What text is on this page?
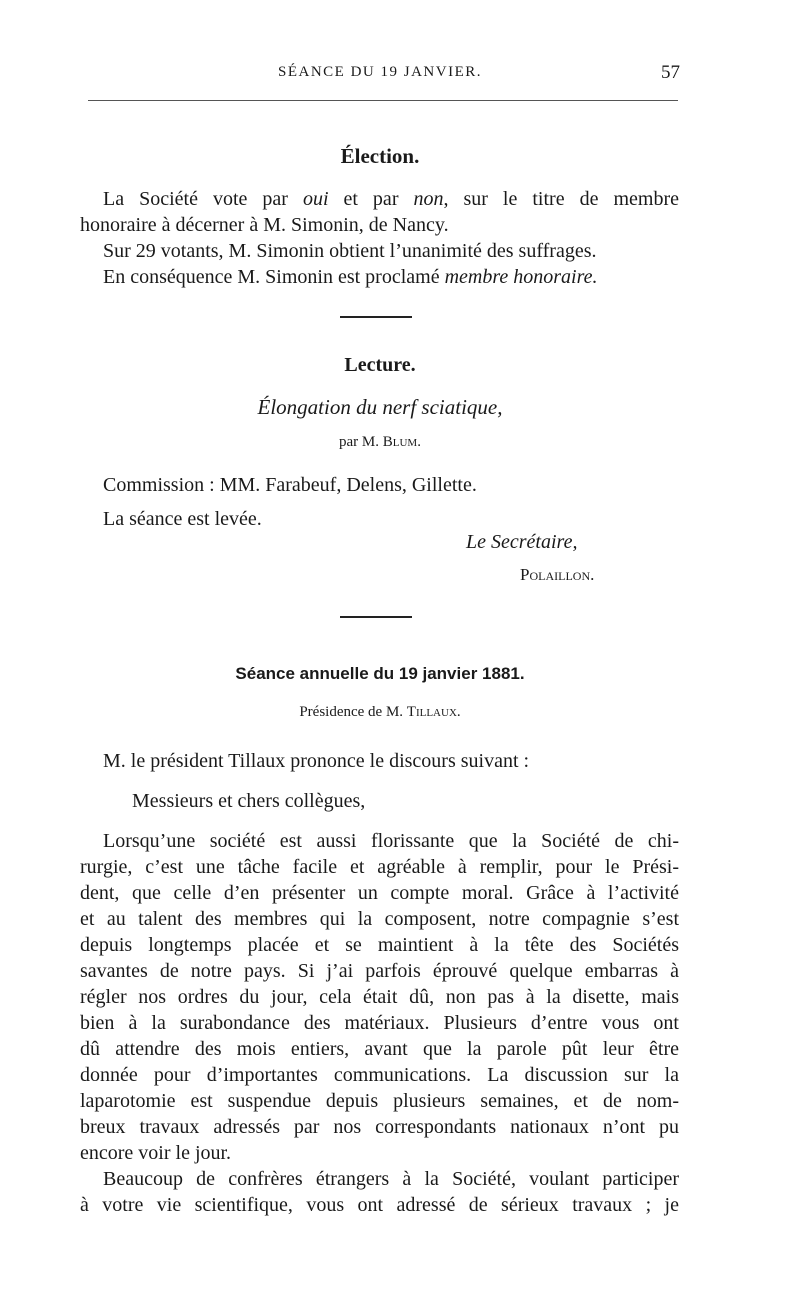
SÉANCE DU 19 JANVIER.	57
Élection.
La Société vote par oui et par non, sur le titre de membre
honoraire à décerner à M. Simonin, de Nancy.
Sur 29 votants, M. Simonin obtient l’unanimité des suffrages.
En conséquence M. Simonin est proclamé membre honoraire.
Lecture.
Élongation du nerf sciatique,
par M. Blum.
Commission : MM. Farabeuf, Delens, Gillette.
La séance est levée.
Le Secrétaire,
Polaillon.
Séance annuelle du 19 janvier 1881.
Présidence de M. Tillaux.
M. le président Tillaux prononce le discours suivant :
Messieurs et chers collègues,
Lorsqu’une société est aussi florissante que la Société de chi-
rurgie, c’est une tâche facile et agréable à remplir, pour le Prési-
dent, que celle d’en présenter un compte moral. Grâce à l’activité
et au talent des membres qui la composent, notre compagnie s’est
depuis longtemps placée et se maintient à la tête des Sociétés
savantes de notre pays. Si j’ai parfois éprouvé quelque embarras à
régler nos ordres du jour, cela était dû, non pas à la disette, mais
bien à la surabondance des matériaux. Plusieurs d’entre vous ont
dû attendre des mois entiers, avant que la parole pût leur être
donnée pour d’importantes communications. La discussion sur la
laparotomie est suspendue depuis plusieurs semaines, et de nom-
breux travaux adressés par nos correspondants nationaux n’ont pu
encore voir le jour.
Beaucoup de confrères étrangers à la Société, voulant participer
à votre vie scientifique, vous ont adressé de sérieux travaux ; je
